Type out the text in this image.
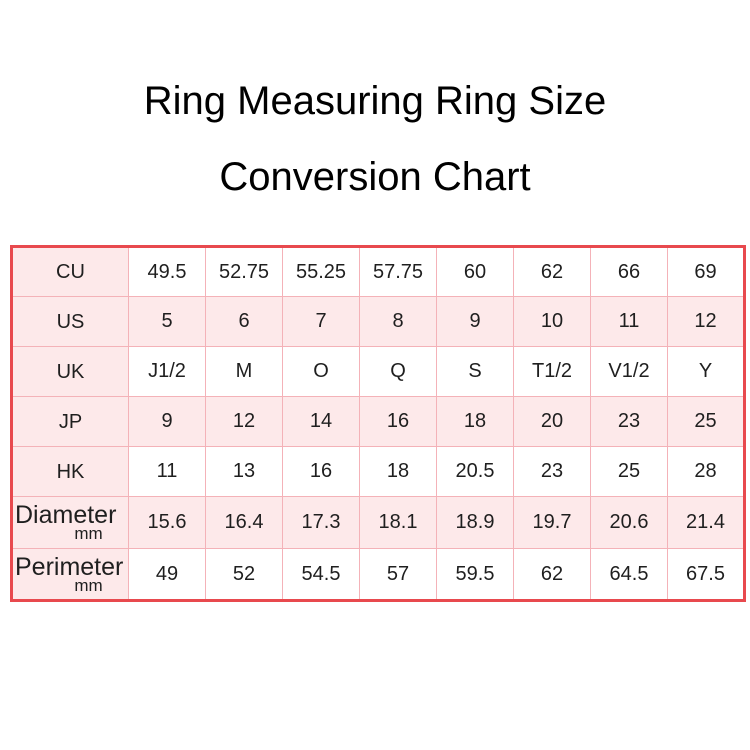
Ring Measuring Ring Size
Conversion Chart
CU	49.5	52.75	55.25	57.75	60	62	66	69

US	5	6	7	8	9	10	11	12

UK	J1/2	M	O	Q	S	T1/2	V1/2	Y

JP	9	12	14	16	18	20	23	25

HK	11	13	16	18	20.5	23	25	28

Diameter
mm	15.6	16.4	17.3	18.1	18.9	19.7	20.6	21.4

Perimeter
mm	49	52	54.5	57	59.5	62	64.5	67.5
